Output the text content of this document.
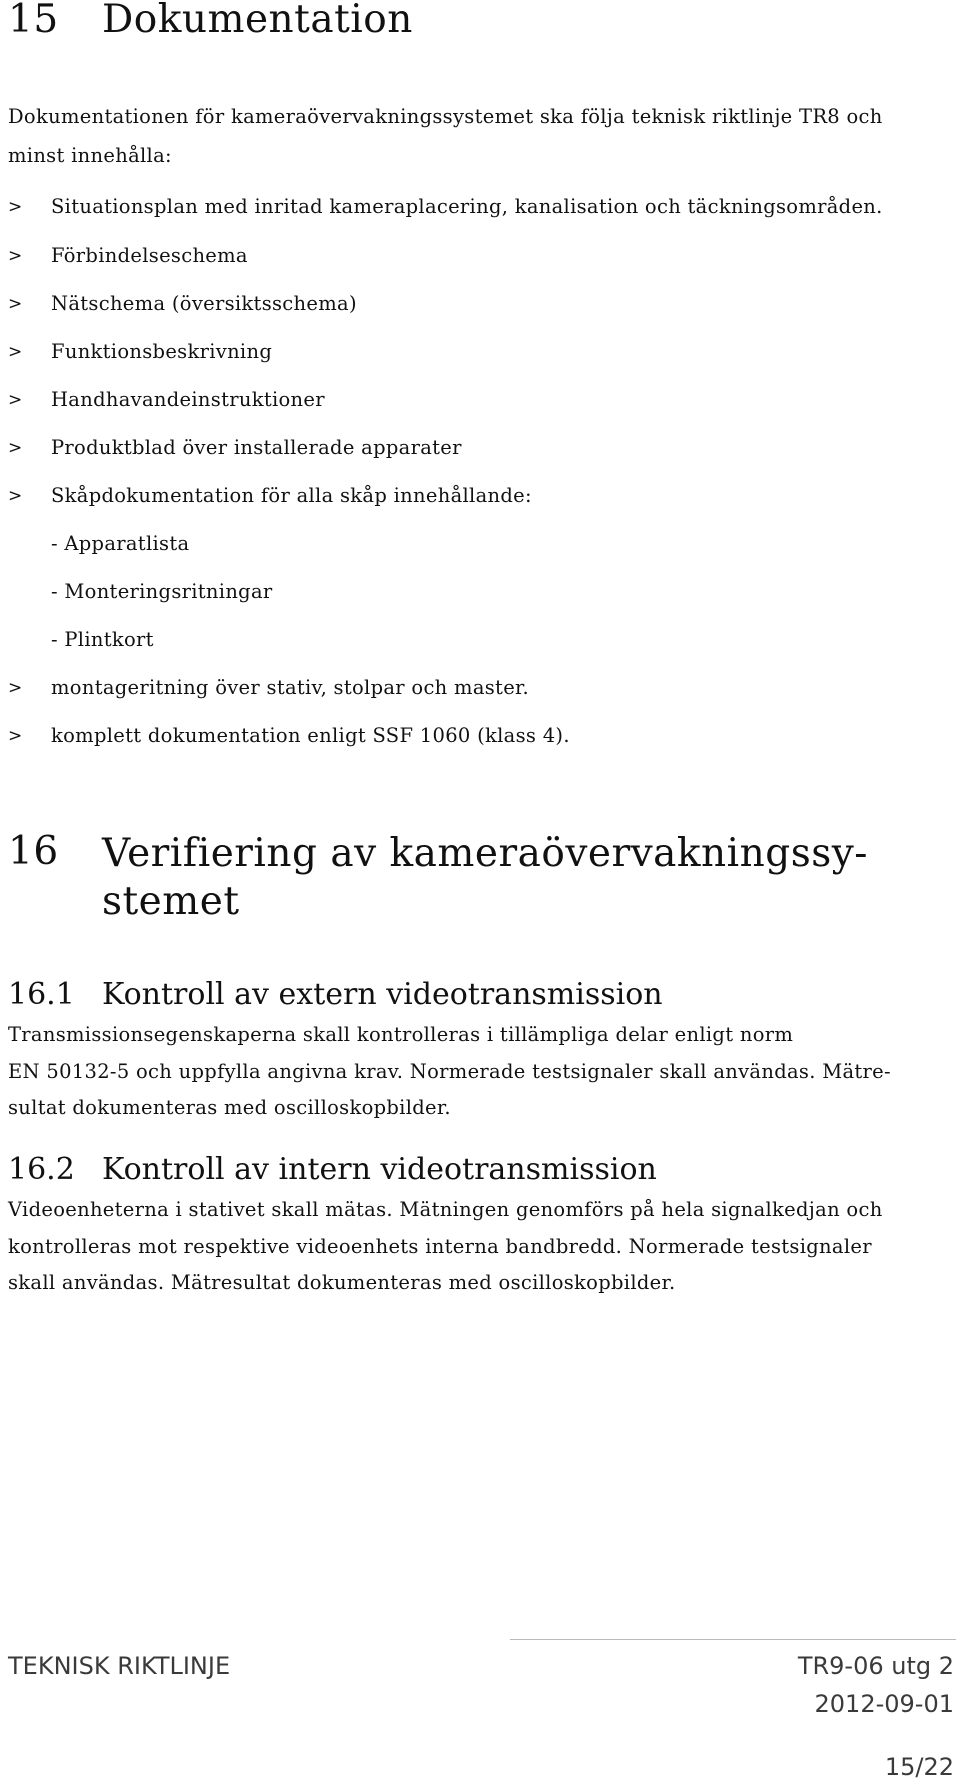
15 Dokumentation
Dokumentationen för kameraövervakningssystemet ska följa teknisk riktlinje TR8 och
minst innehålla:
> Situationsplan med inritad kameraplacering, kanalisation och täckningsområden.
> Förbindelseschema
> Nätschema (översiktsschema)
> Funktionsbeskrivning
> Handhavandeinstruktioner
> Produktblad över installerade apparater
> Skåpdokumentation för alla skåp innehållande:
- Apparatlista
- Monteringsritningar
- Plintkort
> montageritning över stativ, stolpar och master.
> komplett dokumentation enligt SSF 1060 (klass 4).
16 Verifiering av kameraövervakningssy-
stemet
16.1 Kontroll av extern videotransmission
Transmissionsegenskaperna skall kontrolleras i tillämpliga delar enligt norm
EN 50132-5 och uppfylla angivna krav. Normerade testsignaler skall användas. Mätre-
sultat dokumenteras med oscilloskopbilder.
16.2 Kontroll av intern videotransmission
Videoenheterna i stativet skall mätas. Mätningen genomförs på hela signalkedjan och
kontrolleras mot respektive videoenhets interna bandbredd. Normerade testsignaler
skall användas. Mätresultat dokumenteras med oscilloskopbilder.
TEKNISK RIKTLINJE	TR9-06 utg 2
2012-09-01
15/22
